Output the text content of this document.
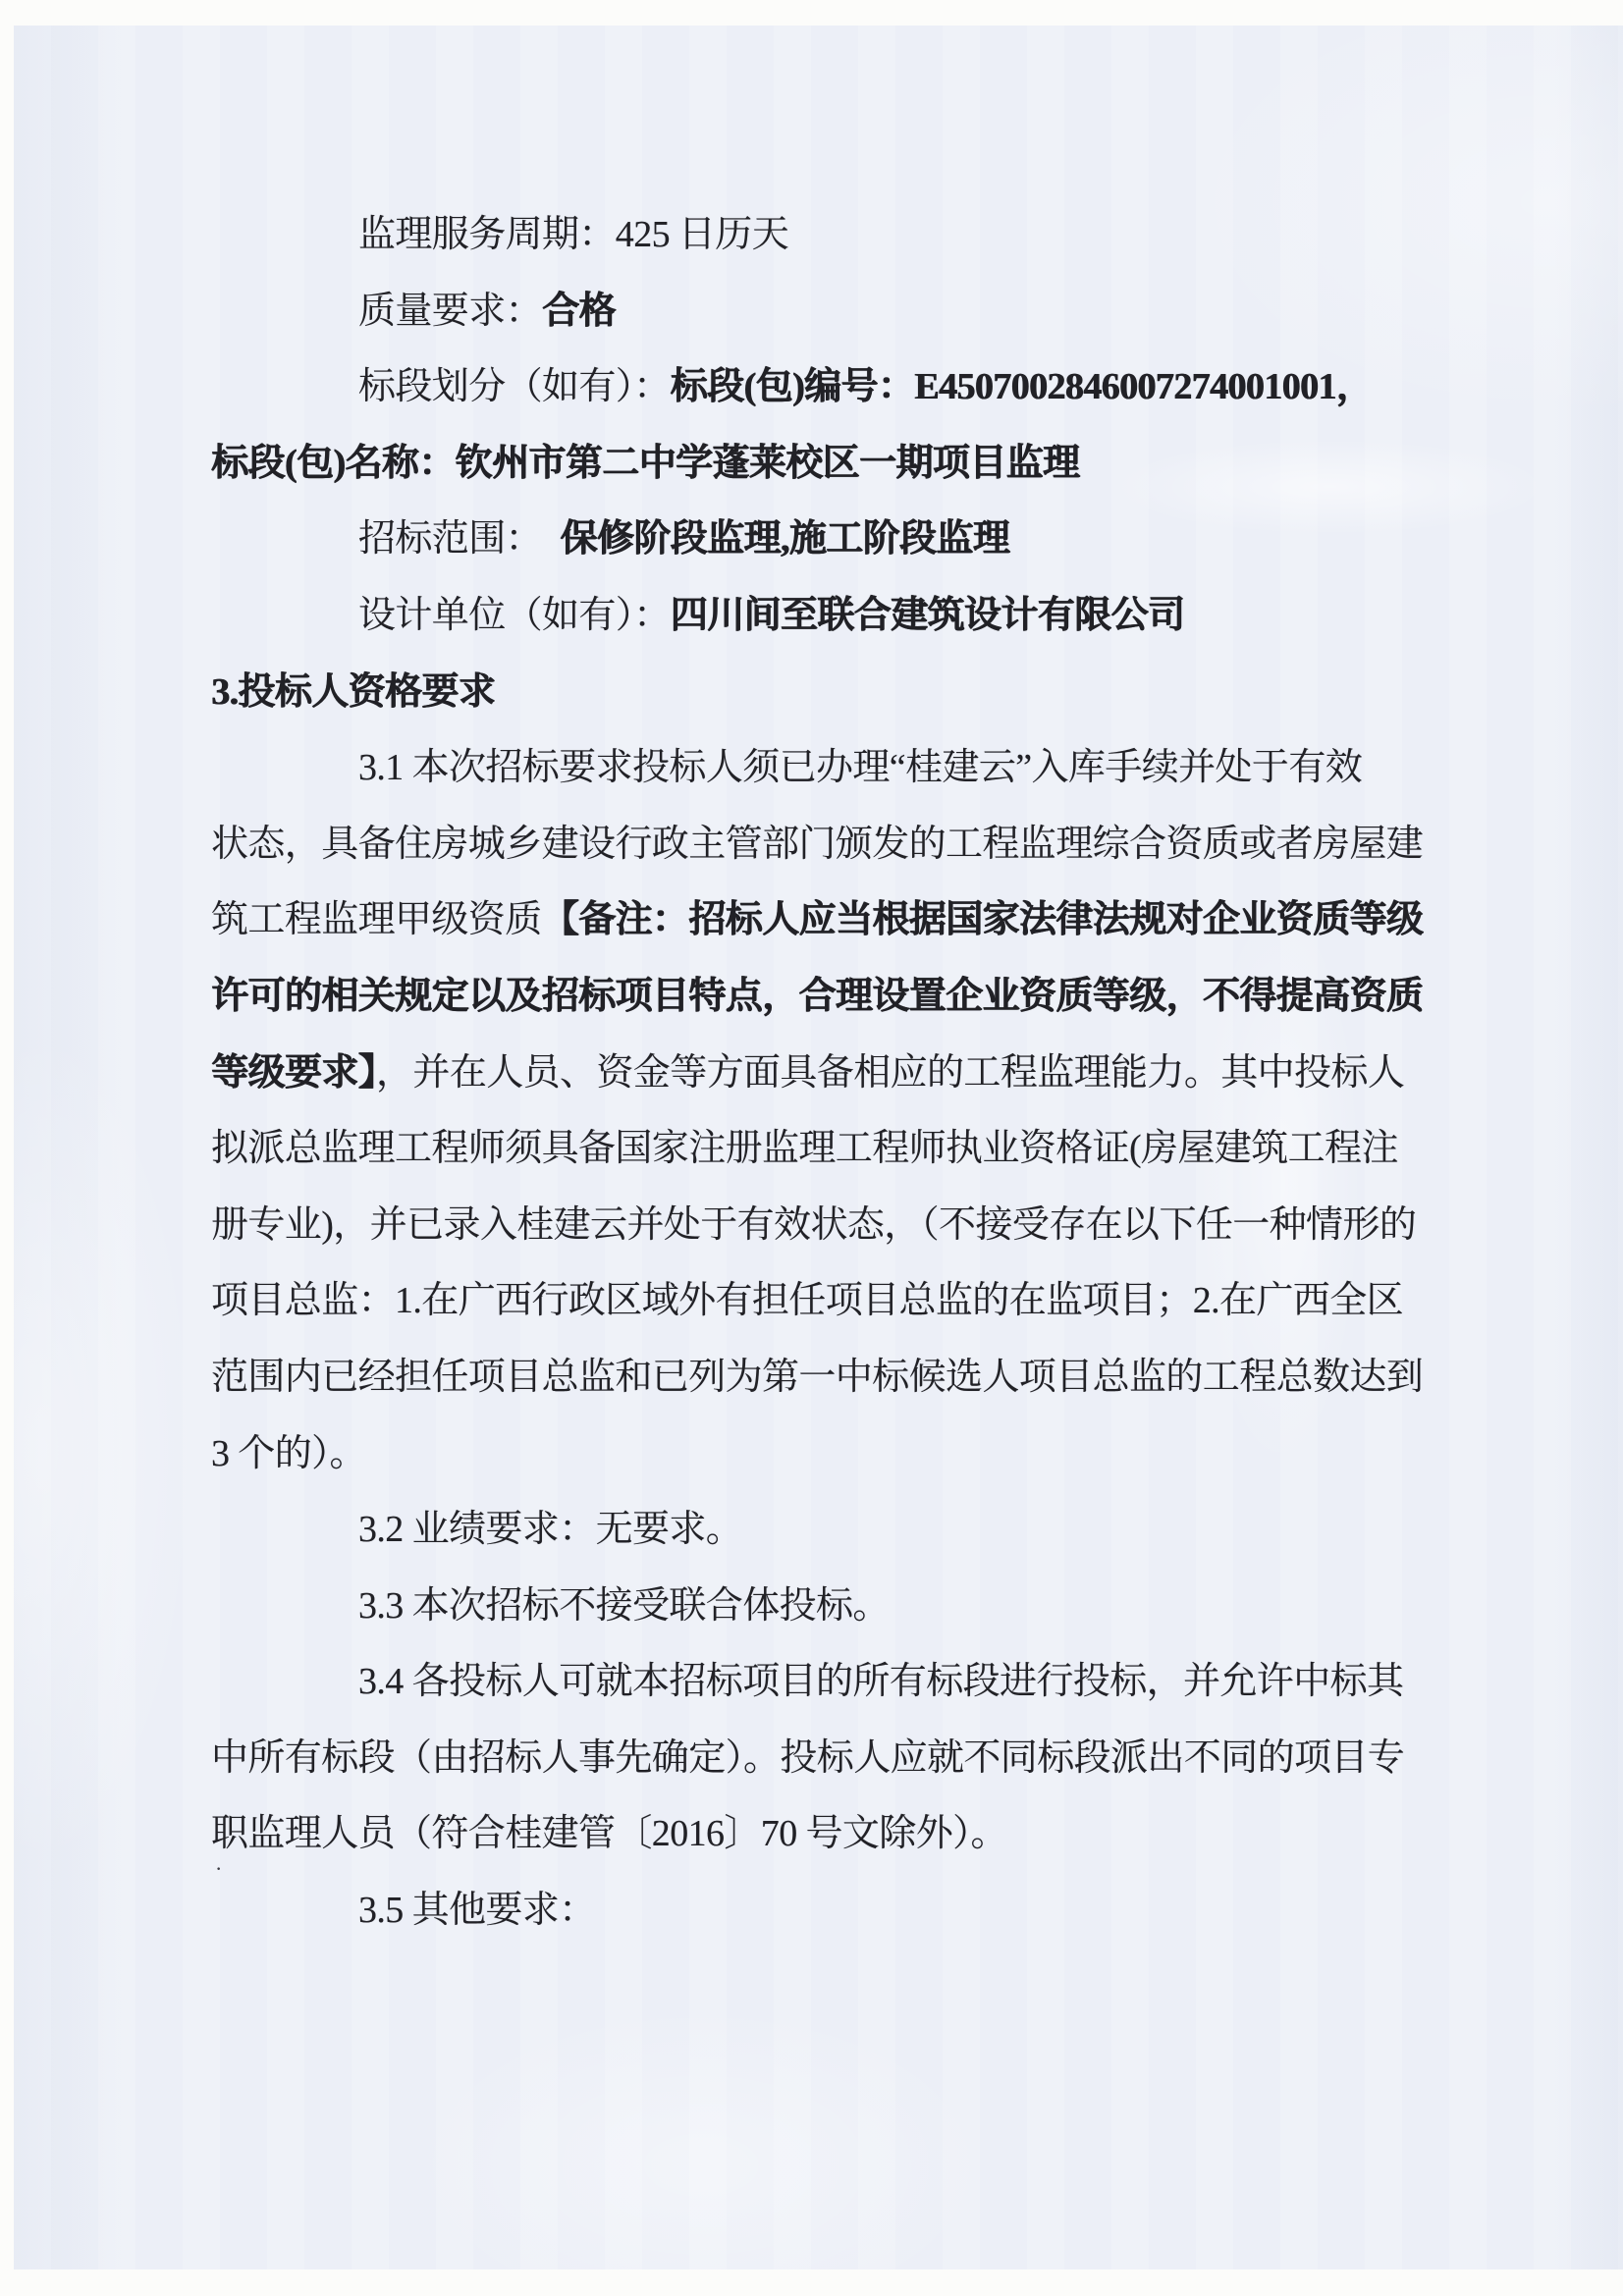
监理服务周期：425 日历天
质量要求：合格
标段划分（如有）：标段(包)编号：E4507002846007274001001，
标段(包)名称：钦州市第二中学蓬莱校区一期项目监理
招标范围：　保修阶段监理,施工阶段监理
设计单位（如有）：四川间至联合建筑设计有限公司
3.投标人资格要求
3.1 本次招标要求投标人须已办理“桂建云”入库手续并处于有效
状态，具备住房城乡建设行政主管部门颁发的工程监理综合资质或者房屋建
筑工程监理甲级资质【备注：招标人应当根据国家法律法规对企业资质等级
许可的相关规定以及招标项目特点，合理设置企业资质等级，不得提高资质
等级要求】，并在人员、资金等方面具备相应的工程监理能力。其中投标人
拟派总监理工程师须具备国家注册监理工程师执业资格证(房屋建筑工程注
册专业)，并已录入桂建云并处于有效状态，（不接受存在以下任一种情形的
项目总监：1.在广西行政区域外有担任项目总监的在监项目；2.在广西全区
范围内已经担任项目总监和已列为第一中标候选人项目总监的工程总数达到
3 个的）。
3.2 业绩要求：无要求。
3.3 本次招标不接受联合体投标。
3.4 各投标人可就本招标项目的所有标段进行投标，并允许中标其
中所有标段（由招标人事先确定）。投标人应就不同标段派出不同的项目专
职监理人员（符合桂建管〔2016〕70 号文除外）。
3.5 其他要求：
·
